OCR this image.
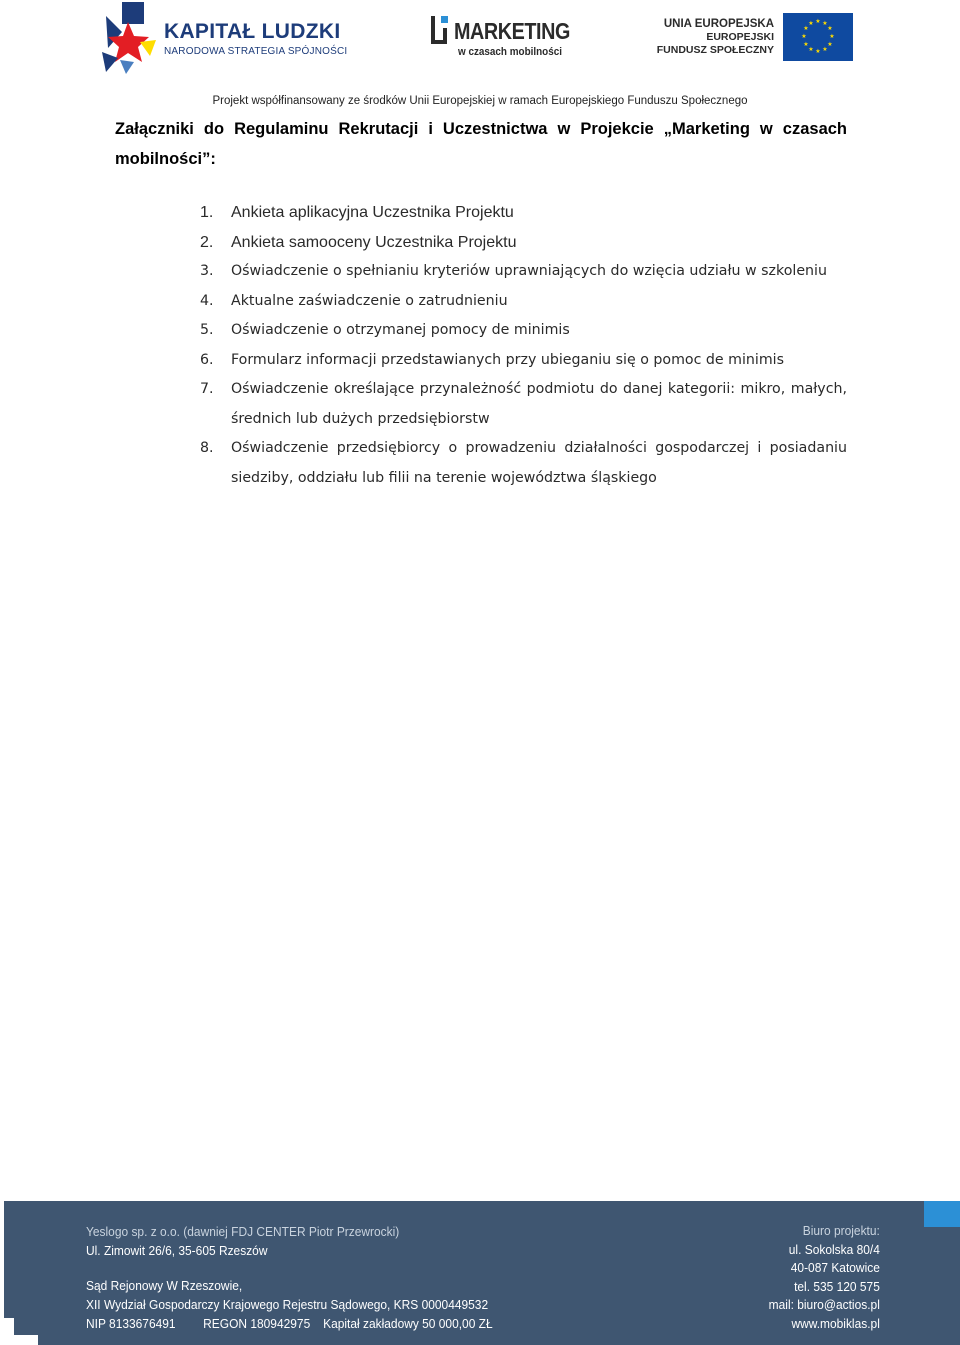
KAPITAŁ LUDZKI
NARODOWA STRATEGIA SPÓJNOŚCI
MARKETING
w czasach mobilności
UNIA EUROPEJSKA
EUROPEJSKI
FUNDUSZ SPOŁECZNY
★ ★
★
★
★
★
★
★
★
★
★
★
Projekt współfinansowany ze środków Unii Europejskiej w ramach Europejskiego Funduszu Społecznego
Załączniki do Regulaminu Rekrutacji i Uczestnictwa w Projekcie „Marketing w czasach mobilności”:
1.	Ankieta aplikacyjna Uczestnika Projektu
2.	Ankieta samooceny Uczestnika Projektu
3.	Oświadczenie o spełnianiu kryteriów uprawniających do wzięcia udziału w szkoleniu
4.	Aktualne zaświadczenie o zatrudnieniu
5.	Oświadczenie o otrzymanej pomocy de minimis
6.	Formularz informacji przedstawianych przy ubieganiu się o pomoc de minimis
7.	Oświadczenie określające przynależność podmiotu do danej kategorii: mikro, małych, średnich lub dużych przedsiębiorstw
8.	Oświadczenie przedsiębiorcy o prowadzeniu działalności gospodarczej i posiadaniu siedziby, oddziału lub filii na terenie województwa śląskiego
Yeslogo sp. z o.o. (dawniej FDJ CENTER Piotr Przewrocki)
Ul. Zimowit 26/6, 35-605 Rzeszów
Sąd Rejonowy W Rzeszowie,
XII Wydział Gospodarczy Krajowego Rejestru Sądowego, KRS 0000449532
NIP 8133676491 REGON 180942975 Kapitał zakładowy 50 000,00 ZŁ
Biuro projektu:
ul. Sokolska 80/4
40-087 Katowice
tel. 535 120 575
mail: biuro@actios.pl
www.mobiklas.pl
